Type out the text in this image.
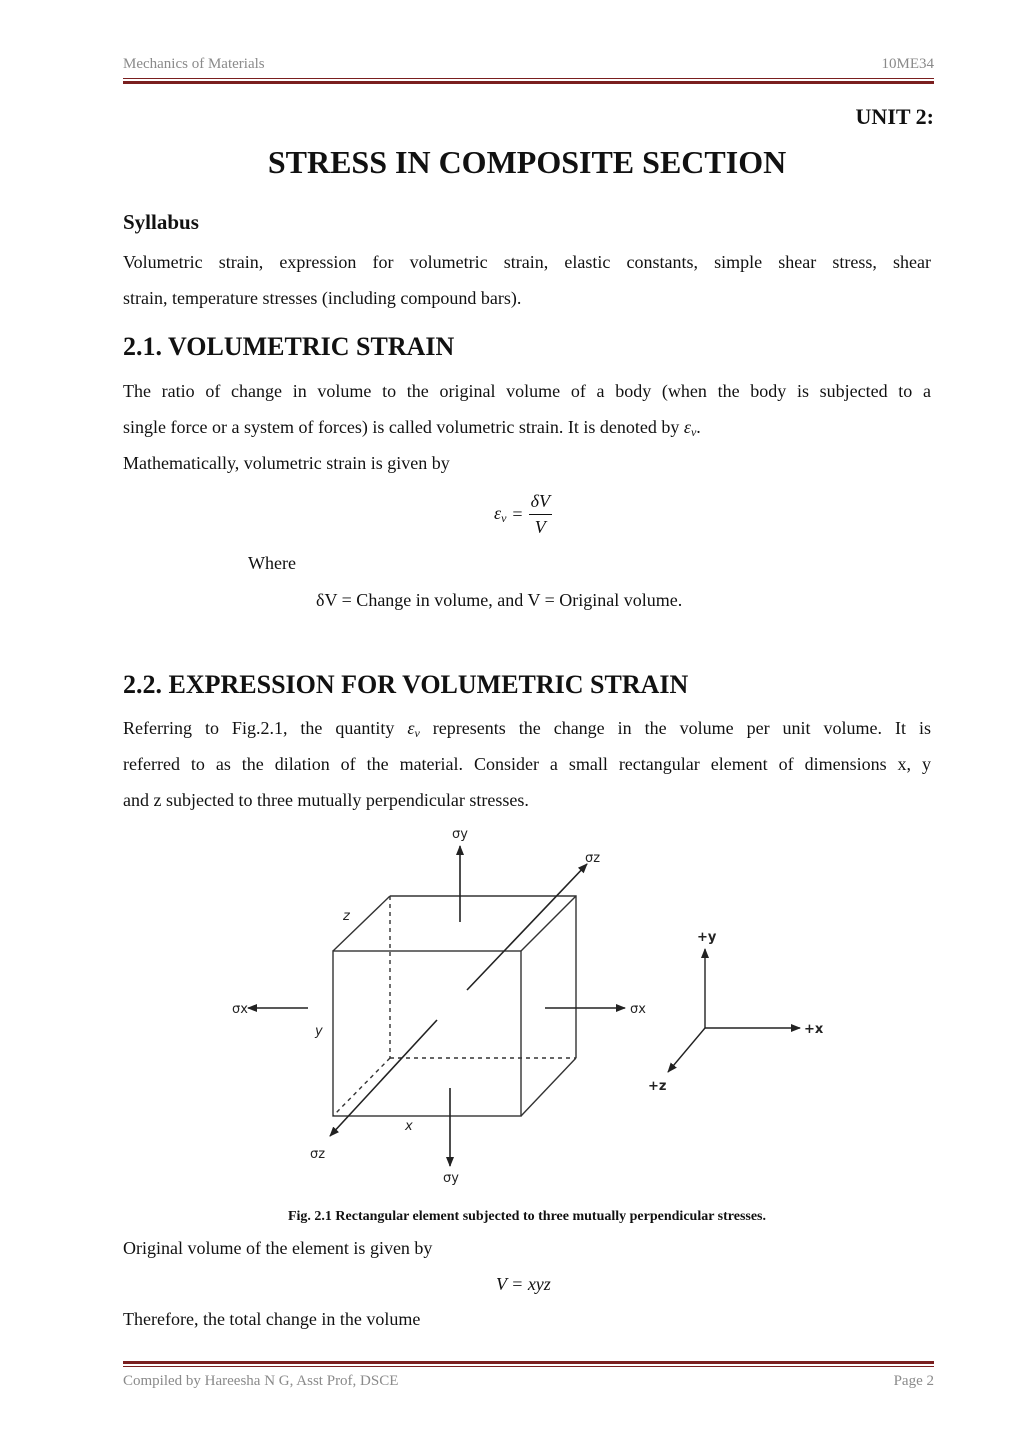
Mechanics of Materials	10ME34
UNIT 2:
STRESS IN COMPOSITE SECTION
Syllabus
Volumetric strain, expression for volumetric strain, elastic constants, simple shear stress, shear
strain, temperature stresses (including compound bars).
2.1. VOLUMETRIC STRAIN
The ratio of change in volume to the original volume of a body (when the body is subjected to a
single force or a system of forces) is called volumetric strain. It is denoted by $\varepsilon_v$.
Mathematically, volumetric strain is given by
$\varepsilon_v = \frac{\delta V}{V}$
Where
δV = Change in volume, and V = Original volume.
2.2. EXPRESSION FOR VOLUMETRIC STRAIN
Referring to Fig.2.1, the quantity $\varepsilon_v$ represents the change in the volume per unit volume. It is
referred to as the dilation of the material. Consider a small rectangular element of dimensions x, y
and z subjected to three mutually perpendicular stresses.
σy
σz
σx	σx
σz
σy
z
y
x
+y
+x
+z
Fig. 2.1 Rectangular element subjected to three mutually perpendicular stresses.
Original volume of the element is given by
V = xyz
Therefore, the total change in the volume
Compiled by Hareesha N G, Asst Prof, DSCE	Page 2
